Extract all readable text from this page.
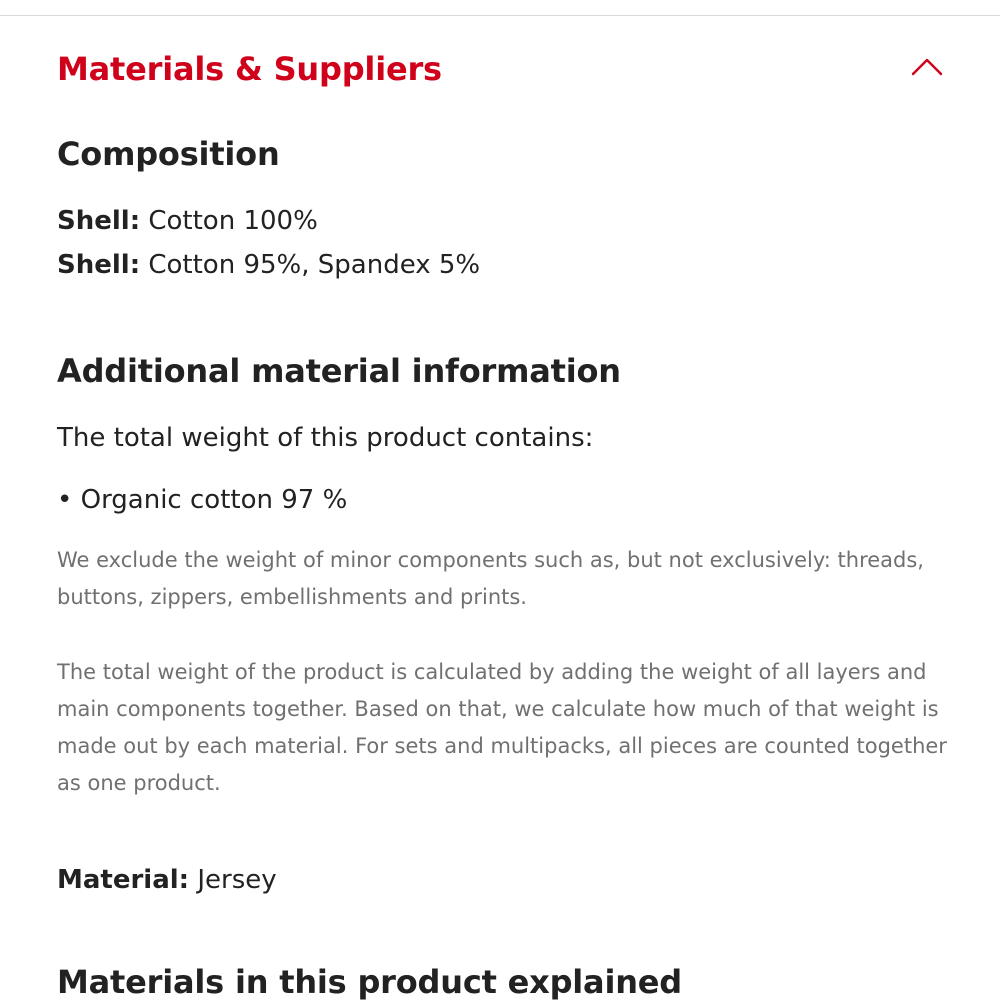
Materials & Suppliers
Composition
Shell: Cotton 100%
Shell: Cotton 95%, Spandex 5%
Additional material information
The total weight of this product contains:
• Organic cotton 97 %
We exclude the weight of minor components such as, but not exclusively: threads, buttons, zippers, embellishments and prints.
The total weight of the product is calculated by adding the weight of all layers and main components together. Based on that, we calculate how much of that weight is made out by each material. For sets and multipacks, all pieces are counted together as one product.
Material: Jersey
Materials in this product explained
